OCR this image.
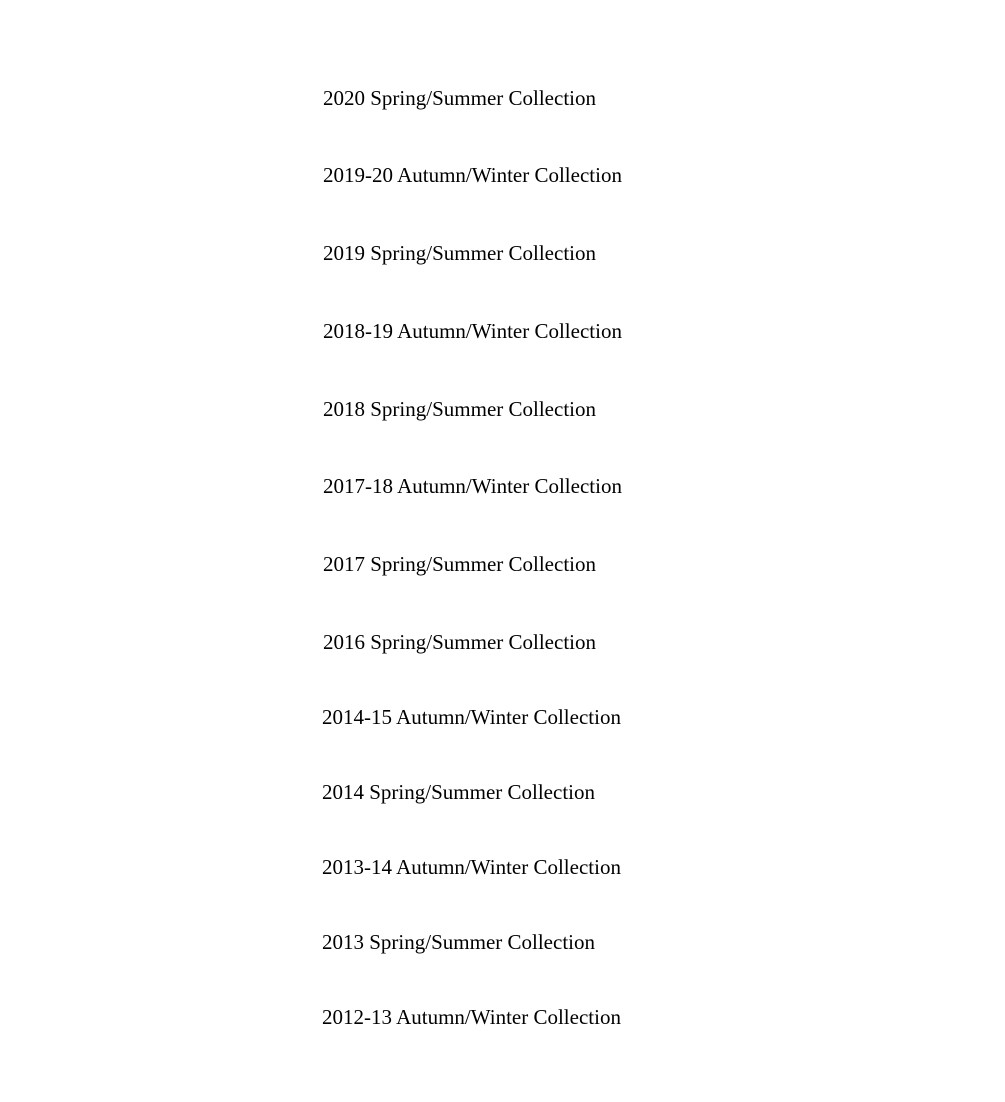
2020 Spring/Summer Collection
2019-20 Autumn/Winter Collection
2019 Spring/Summer Collection
2018-19 Autumn/Winter Collection
2018 Spring/Summer Collection
2017-18 Autumn/Winter Collection
2017 Spring/Summer Collection
2016 Spring/Summer Collection
2014-15 Autumn/Winter Collection
2014 Spring/Summer Collection
2013-14 Autumn/Winter Collection
2013 Spring/Summer Collection
2012-13 Autumn/Winter Collection
